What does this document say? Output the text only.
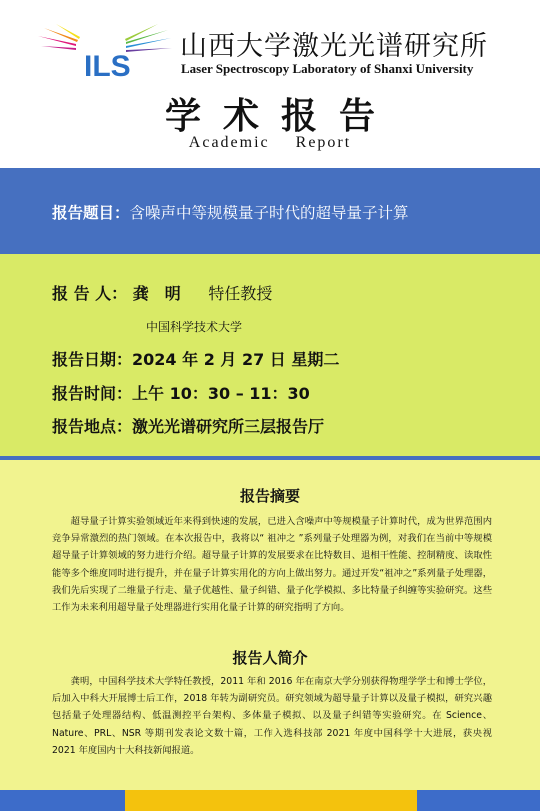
ILS
山西大学激光光谱研究所
Laser Spectroscopy Laboratory of Shanxi University
学术报告
Academic Report
报告题目：含噪声中等规模量子时代的超导量子计算
报 告 人： 龚　明 特任教授
中国科学技术大学
报告日期：2024 年 2 月 27 日 星期二
报告时间：上午 10：30 – 11：30
报告地点：激光光谱研究所三层报告厅
报告摘要

超导量子计算实验领域近年来得到快速的发展，已进入含噪声中等规模量子计算时代，成为世界范围内竞争异常激烈的热门领域。在本次报告中，我将以“ 祖冲之 ”系列量子处理器为例，对我们在当前中等规模超导量子计算领域的努力进行介绍。超导量子计算的发展要求在比特数目、退相干性能、控制精度、读取性能等多个维度同时进行提升，并在量子计算实用化的方向上做出努力。通过开发“祖冲之”系列量子处理器，我们先后实现了二维量子行走、量子优越性、量子纠错、量子化学模拟、多比特量子纠缠等实验研究。这些工作为未来利用超导量子处理器进行实用化量子计算的研究指明了方向。

报告人简介

龚明，中国科学技术大学特任教授，2011 年和 2016 年在南京大学分别获得物理学学士和博士学位，后加入中科大开展博士后工作，2018 年转为副研究员。研究领域为超导量子计算以及量子模拟，研究兴趣包括量子处理器结构、低温测控平台架构、多体量子模拟、以及量子纠错等实验研究。在 Science、Nature、PRL、NSR 等期刊发表论文数十篇，工作入选科技部 2021 年度中国科学十大进展，获央视 2021 年度国内十大科技新闻报道。
